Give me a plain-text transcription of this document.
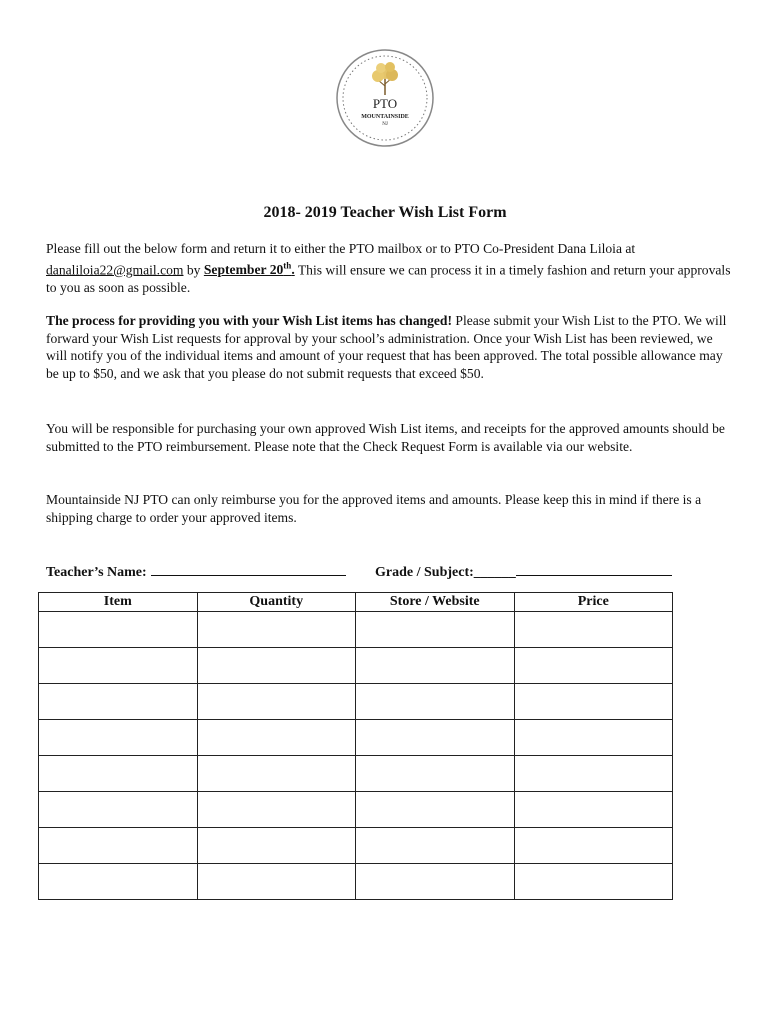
PTO
MOUNTAINSIDE
NJ
2018- 2019 Teacher Wish List Form
Please fill out the below form and return it to either the PTO mailbox or to PTO Co-President Dana Liloia at danaliloia22@gmail.com by September 20th. This will ensure we can process it in a timely fashion and return your approvals to you as soon as possible.
The process for providing you with your Wish List items has changed! Please submit your Wish List to the PTO. We will forward your Wish List requests for approval by your school’s administration. Once your Wish List has been reviewed, we will notify you of the individual items and amount of your request that has been approved. The total possible allowance may be up to $50, and we ask that you please do not submit requests that exceed $50.
You will be responsible for purchasing your own approved Wish List items, and receipts for the approved amounts should be submitted to the PTO reimbursement. Please note that the Check Request Form is available via our website.
Mountainside NJ PTO can only reimburse you for the approved items and amounts. Please keep this in mind if there is a shipping charge to order your approved items.
Teacher’s Name:	Grade / Subject:______
Item	Quantity	Store / Website	Price
